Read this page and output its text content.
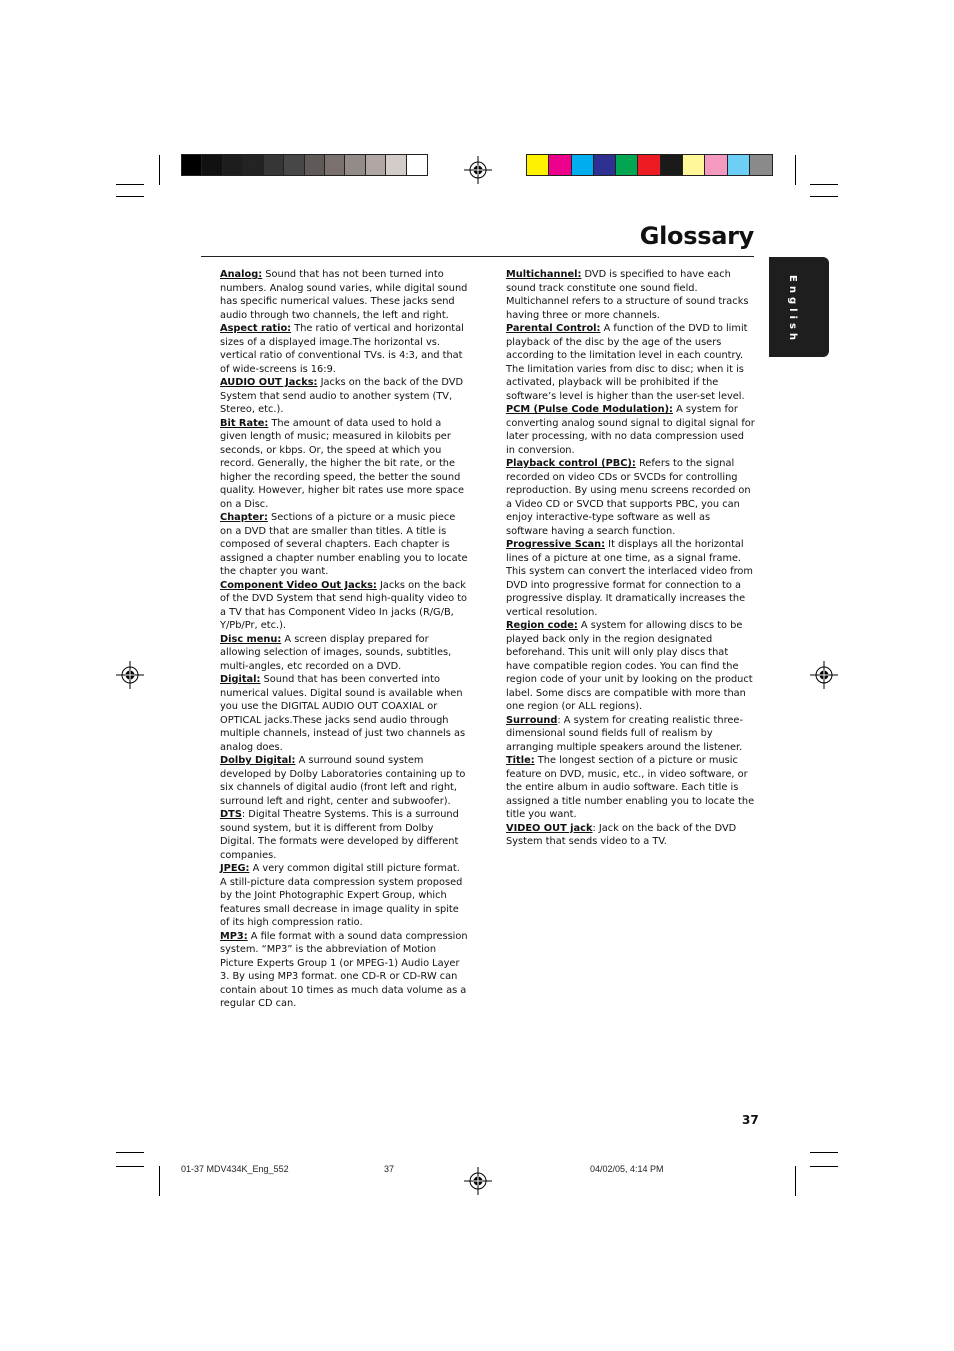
Glossary
English

Analog: Sound that has not been turned into numbers. Analog sound varies, while digital sound has specific numerical values. These jacks send audio through two channels, the left and right.

Aspect ratio: The ratio of vertical and horizontal sizes of a displayed image.The horizontal vs. vertical ratio of conventional TVs. is 4:3, and that of wide-screens is 16:9.

AUDIO OUT Jacks: Jacks on the back of the DVD System that send audio to another system (TV, Stereo, etc.).

Bit Rate: The amount of data used to hold a given length of music; measured in kilobits per seconds, or kbps. Or, the speed at which you record. Generally, the higher the bit rate, or the higher the recording speed, the better the sound quality. However, higher bit rates use more space on a Disc.

Chapter: Sections of a picture or a music piece on a DVD that are smaller than titles. A title is composed of several chapters. Each chapter is assigned a chapter number enabling you to locate the chapter you want.

Component Video Out Jacks: Jacks on the back of the DVD System that send high-quality video to a TV that has Component Video In jacks (R/G/B, Y/Pb/Pr, etc.).

Disc menu: A screen display prepared for allowing selection of images, sounds, subtitles, multi-angles, etc recorded on a DVD.

Digital: Sound that has been converted into numerical values. Digital sound is available when you use the DIGITAL AUDIO OUT COAXIAL or OPTICAL jacks.These jacks send audio through multiple channels, instead of just two channels as analog does.

Dolby Digital: A surround sound system developed by Dolby Laboratories containing up to six channels of digital audio (front left and right, surround left and right, center and subwoofer).

DTS: Digital Theatre Systems. This is a surround sound system, but it is different from Dolby Digital. The formats were developed by different companies.

JPEG: A very common digital still picture format. A still-picture data compression system proposed by the Joint Photographic Expert Group, which features small decrease in image quality in spite of its high compression ratio.

MP3: A file format with a sound data compression system. “MP3” is the abbreviation of Motion Picture Experts Group 1 (or MPEG-1) Audio Layer 3. By using MP3 format. one CD-R or CD-RW can contain about 10 times as much data volume as a regular CD can.

Multichannel: DVD is specified to have each sound track constitute one sound field. Multichannel refers to a structure of sound tracks having three or more channels.

Parental Control: A function of the DVD to limit playback of the disc by the age of the users according to the limitation level in each country. The limitation varies from disc to disc; when it is activated, playback will be prohibited if the software’s level is higher than the user-set level.

PCM (Pulse Code Modulation): A system for converting analog sound signal to digital signal for later processing, with no data compression used in conversion.

Playback control (PBC): Refers to the signal recorded on video CDs or SVCDs for controlling reproduction. By using menu screens recorded on a Video CD or SVCD that supports PBC, you can enjoy interactive-type software as well as software having a search function.

Progressive Scan: It displays all the horizontal lines of a picture at one time, as a signal frame. This system can convert the interlaced video from DVD into progressive format for connection to a progressive display. It dramatically increases the vertical resolution.

Region code: A system for allowing discs to be played back only in the region designated beforehand. This unit will only play discs that have compatible region codes. You can find the region code of your unit by looking on the product label. Some discs are compatible with more than one region (or ALL regions).

Surround: A system for creating realistic three-dimensional sound fields full of realism by arranging multiple speakers around the listener.

Title: The longest section of a picture or music feature on DVD, music, etc., in video software, or the entire album in audio software. Each title is assigned a title number enabling you to locate the title you want.

VIDEO OUT jack: Jack on the back of the DVD System that sends video to a TV.

37
01-37 MDV434K_Eng_552	37	04/02/05, 4:14 PM
